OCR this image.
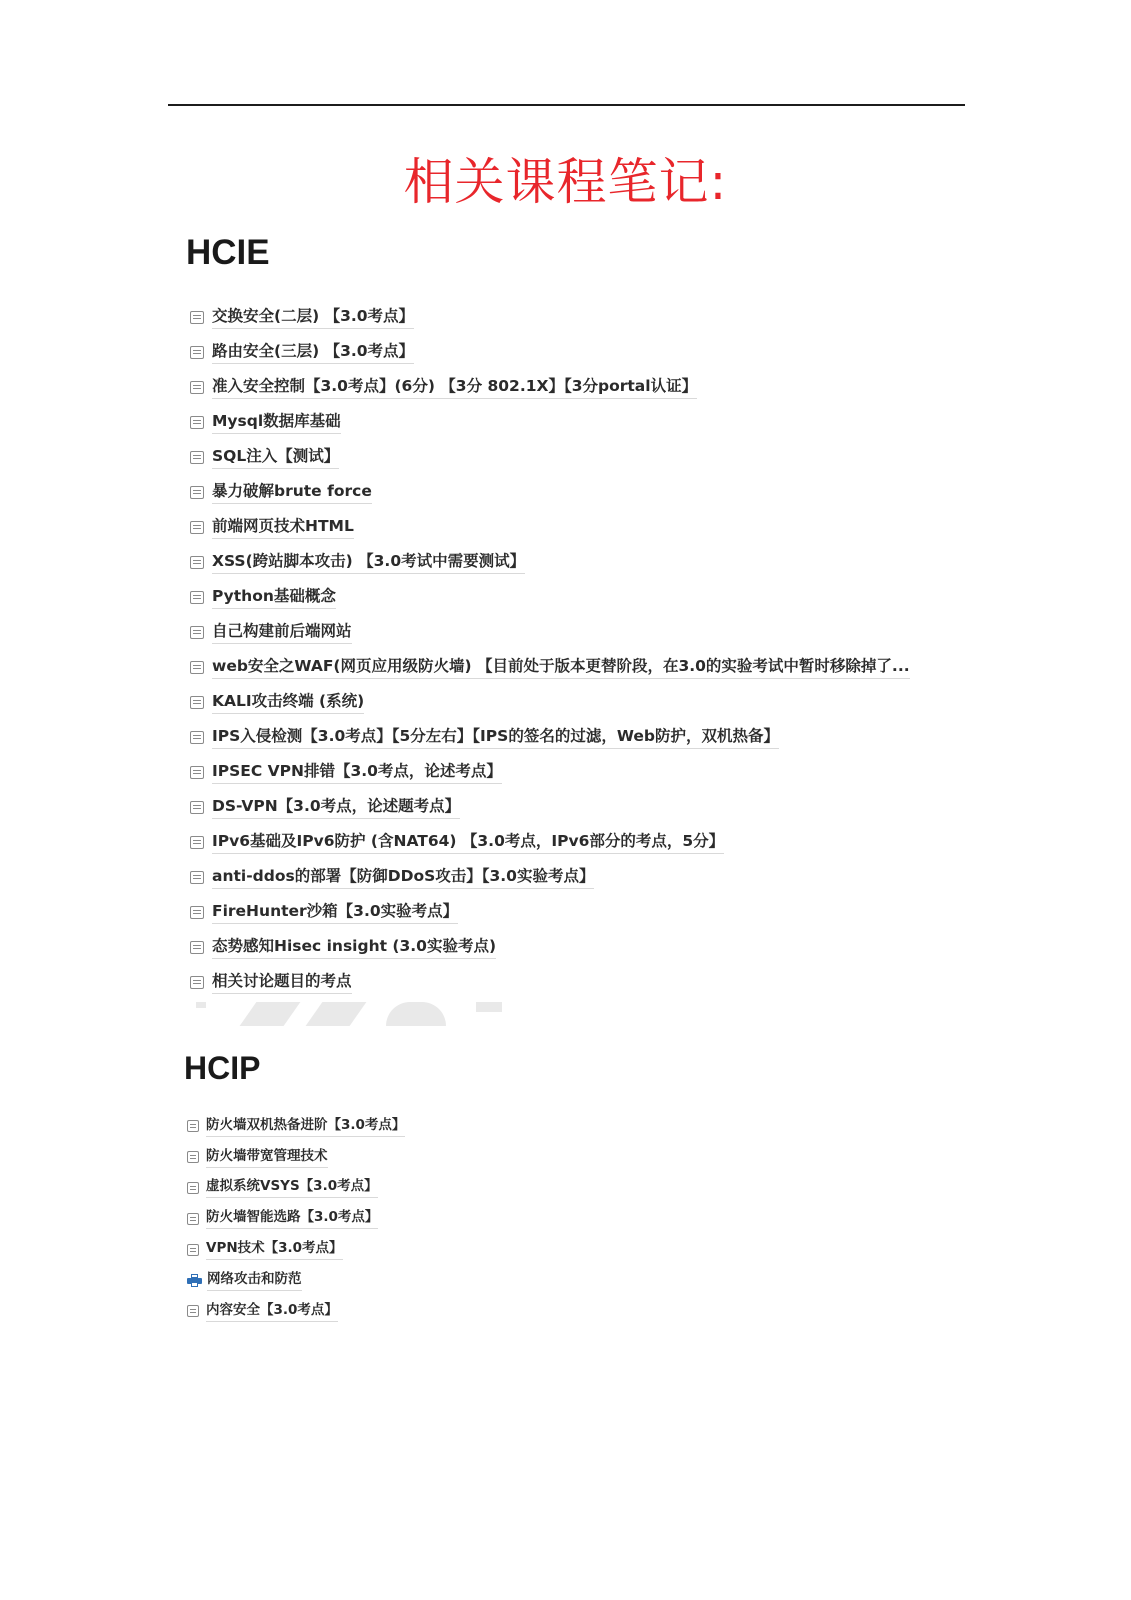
相关课程笔记:
HCIE
交换安全(二层) 【3.0考点】
路由安全(三层) 【3.0考点】
准入安全控制【3.0考点】(6分) 【3分 802.1X】【3分portal认证】
Mysql数据库基础
SQL注入【测试】
暴力破解brute force
前端网页技术HTML
XSS(跨站脚本攻击) 【3.0考试中需要测试】
Python基础概念
自己构建前后端网站
web安全之WAF(网页应用级防火墙) 【目前处于版本更替阶段，在3.0的实验考试中暂时移除掉了...
KALI攻击终端 (系统)
IPS入侵检测【3.0考点】【5分左右】【IPS的签名的过滤，Web防护，双机热备】
IPSEC VPN排错【3.0考点，论述考点】
DS-VPN【3.0考点，论述题考点】
IPv6基础及IPv6防护 (含NAT64) 【3.0考点，IPv6部分的考点，5分】
anti-ddos的部署【防御DDoS攻击】【3.0实验考点】
FireHunter沙箱【3.0实验考点】
态势感知Hisec insight (3.0实验考点)
相关讨论题目的考点
HCIP
防火墙双机热备进阶【3.0考点】
防火墙带宽管理技术
虚拟系统VSYS【3.0考点】
防火墙智能选路【3.0考点】
VPN技术【3.0考点】
网络攻击和防范
内容安全【3.0考点】
